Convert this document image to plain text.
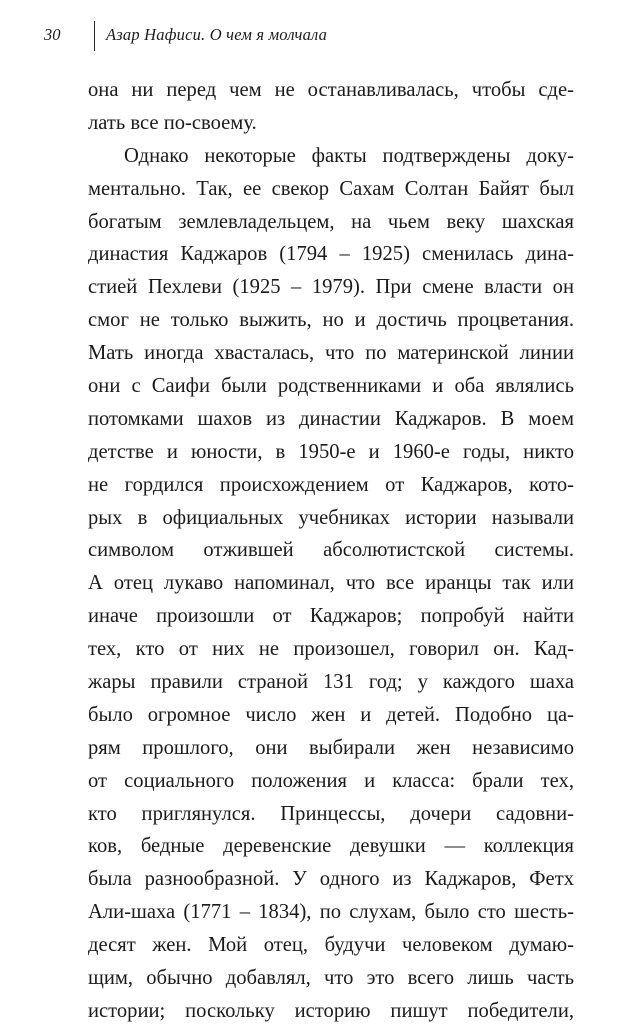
30	Азар Нафиси. О чем я молчала
она ни перед чем не останавливалась, чтобы сде-
лать все по-своему.
Однако некоторые факты подтверждены доку-
ментально. Так, ее свекор Сахам Солтан Байят был
богатым землевладельцем, на чьем веку шахская
династия Каджаров (1794 – 1925) сменилась дина-
стией Пехлеви (1925 – 1979). При смене власти он
смог не только выжить, но и достичь процветания.
Мать иногда хвасталась, что по материнской линии
они с Саифи были родственниками и оба являлись
потомками шахов из династии Каджаров. В моем
детстве и юности, в 1950-е и 1960-е годы, никто
не гордился происхождением от Каджаров, кото-
рых в официальных учебниках истории называли
символом отжившей абсолютистской системы.
А отец лукаво напоминал, что все иранцы так или
иначе произошли от Каджаров; попробуй найти
тех, кто от них не произошел, говорил он. Кад-
жары правили страной 131 год; у каждого шаха
было огромное число жен и детей. Подобно ца-
рям прошлого, они выбирали жен независимо
от социального положения и класса: брали тех,
кто приглянулся. Принцессы, дочери садовни-
ков, бедные деревенские девушки — коллекция
была разнообразной. У одного из Каджаров, Фетх
Али-шаха (1771 – 1834), по слухам, было сто шесть-
десят жен. Мой отец, будучи человеком думаю-
щим, обычно добавлял, что это всего лишь часть
истории; поскольку историю пишут победители,
